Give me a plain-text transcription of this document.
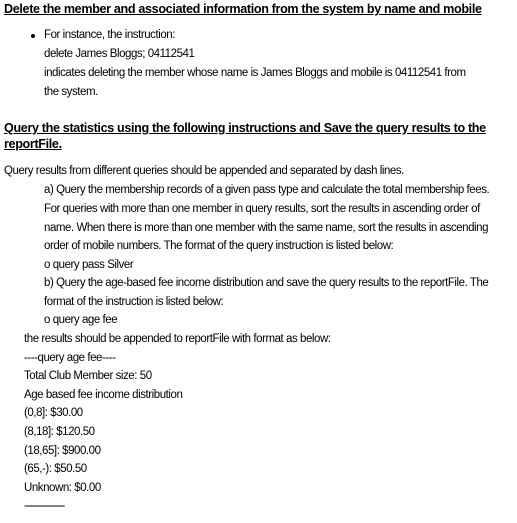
Delete the member and associated information from the system by name and mobile
For instance, the instruction:
delete James Bloggs; 04112541
indicates deleting the member whose name is James Bloggs and mobile is 04112541 from
the system.
Query the statistics using the following instructions and Save the query results to the
reportFile.
Query results from different queries should be appended and separated by dash lines.
a) Query the membership records of a given pass type and calculate the total membership fees.
For queries with more than one member in query results, sort the results in ascending order of
name. When there is more than one member with the same name, sort the results in ascending
order of mobile numbers. The format of the query instruction is listed below:
o query pass Silver
b) Query the age-based fee income distribution and save the query results to the reportFile. The
format of the instruction is listed below:
o query age fee
the results should be appended to reportFile with format as below:
----query age fee----
Total Club Member size: 50
Age based fee income distribution
(0,8]: $30.00
(8,18]: $120.50
(18,65]: $900.00
(65,-): $50.50
Unknown: $0.00
------------------------
